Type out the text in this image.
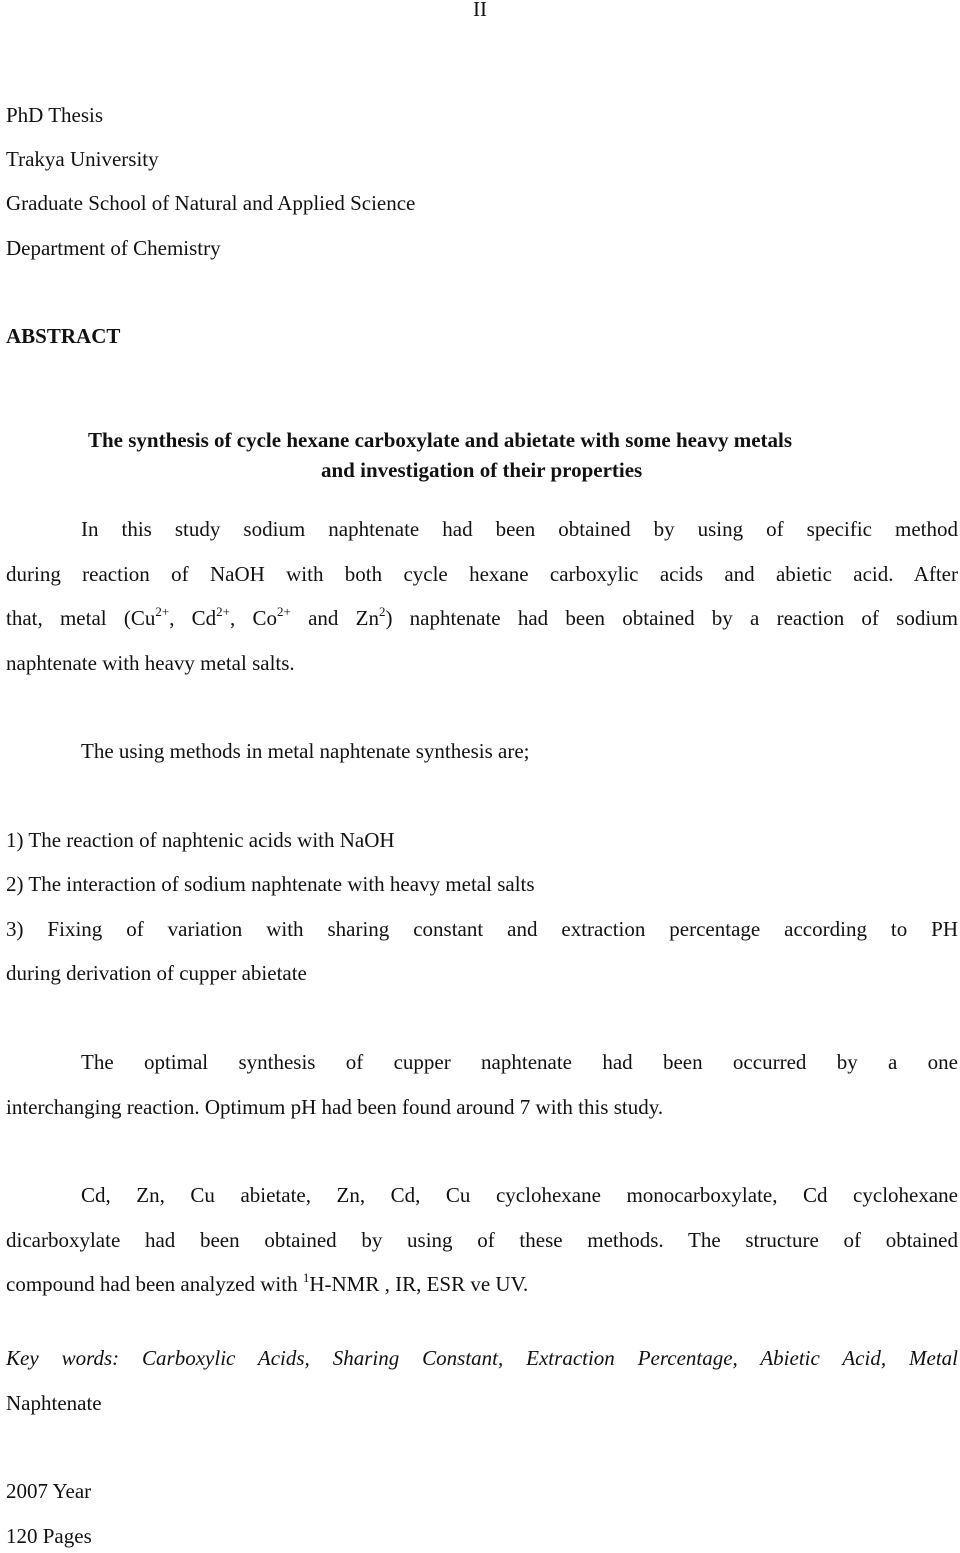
II
PhD Thesis
Trakya University
Graduate School of Natural and Applied Science
Department of Chemistry
ABSTRACT
The synthesis of cycle hexane carboxylate and abietate with some heavy metals
and investigation of their properties
In this study sodium naphtenate had been obtained by using of specific method
during reaction of NaOH with both cycle hexane carboxylic acids and abietic acid. After
that, metal ($Cu^{2+}$, $Cd^{2+}$, $Co^{2+}$ and Zn$^2$) naphtenate had been obtained by a reaction of sodium
naphtenate with heavy metal salts.
The using methods in metal naphtenate synthesis are;
1) The reaction of naphtenic acids with NaOH
2) The interaction of sodium naphtenate with heavy metal salts
3) Fixing of variation with sharing constant and extraction percentage according to PH
during derivation of cupper abietate
The optimal synthesis of cupper naphtenate had been occurred by a one
interchanging reaction. Optimum pH had been found around 7 with this study.
Cd, Zn, Cu abietate, Zn, Cd, Cu cyclohexane monocarboxylate, Cd cyclohexane
dicarboxylate had been obtained by using of these methods. The structure of obtained
compound had been analyzed with $^1$H-NMR , IR, ESR ve UV.
Key words: Carboxylic Acids, Sharing Constant, Extraction Percentage, Abietic Acid, Metal
Naphtenate
2007 Year
120 Pages
